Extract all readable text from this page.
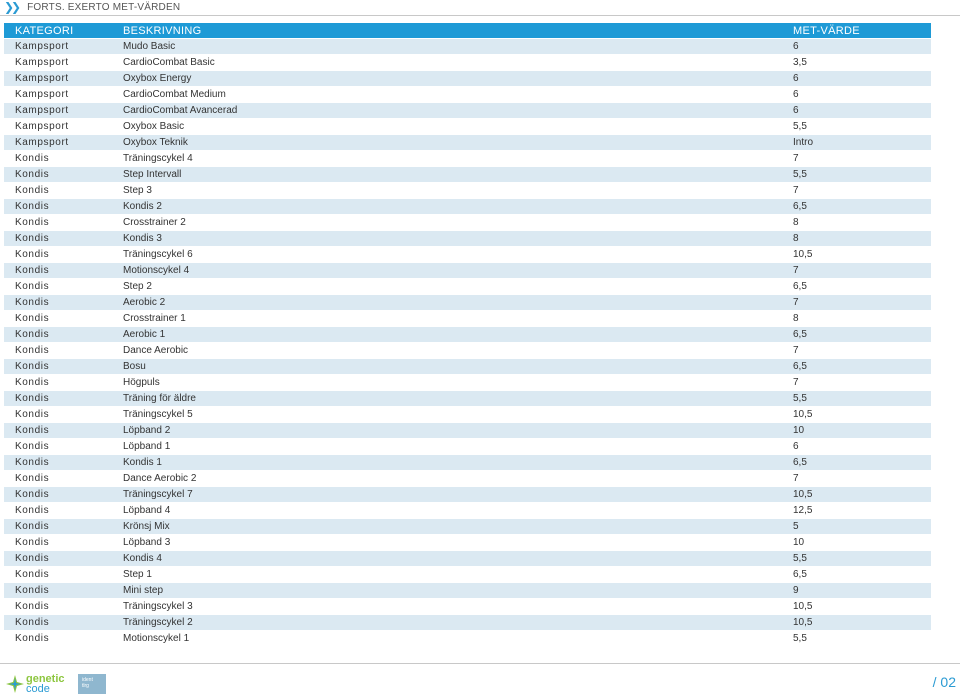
❯❯ FORTS. EXERTO MET-VÄRDEN
KATEGORI	BESKRIVNING	MET-VÄRDE
Kampsport	Mudo Basic	6
Kampsport	CardioCombat Basic	3,5
Kampsport	Oxybox Energy	6
Kampsport	CardioCombat Medium	6
Kampsport	CardioCombat Avancerad	6
Kampsport	Oxybox Basic	5,5
Kampsport	Oxybox Teknik	Intro
Kondis	Träningscykel 4	7
Kondis	Step Intervall	5,5
Kondis	Step 3	7
Kondis	Kondis 2	6,5
Kondis	Crosstrainer 2	8
Kondis	Kondis 3	8
Kondis	Träningscykel 6	10,5
Kondis	Motionscykel 4	7
Kondis	Step 2	6,5
Kondis	Aerobic 2	7
Kondis	Crosstrainer 1	8
Kondis	Aerobic 1	6,5
Kondis	Dance Aerobic	7
Kondis	Bosu	6,5
Kondis	Högpuls	7
Kondis	Träning för äldre	5,5
Kondis	Träningscykel 5	10,5
Kondis	Löpband 2	10
Kondis	Löpband 1	6
Kondis	Kondis 1	6,5
Kondis	Dance Aerobic 2	7
Kondis	Träningscykel 7	10,5
Kondis	Löpband 4	12,5
Kondis	Krönsj Mix	5
Kondis	Löpband 3	10
Kondis	Kondis 4	5,5
Kondis	Step 1	6,5
Kondis	Mini step	9
Kondis	Träningscykel 3	10,5
Kondis	Träningscykel 2	10,5
Kondis	Motionscykel 1	5,5
genetic
code
ident
tlrg	/ 02
